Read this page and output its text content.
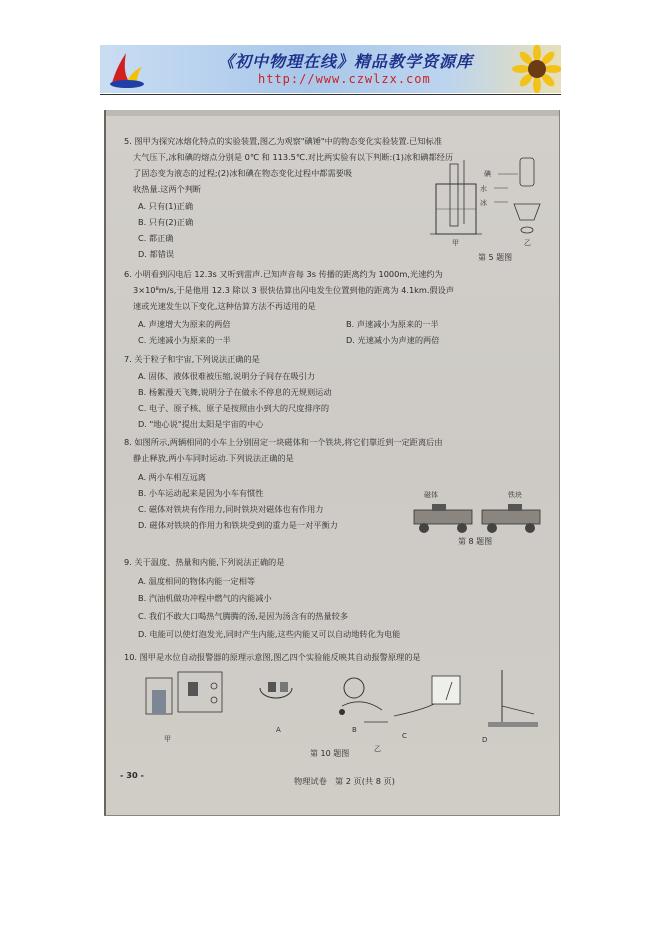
《初中物理在线》精品教学资源库
http://www.czwlzx.com
5. 图甲为探究冰熔化特点的实验装置,图乙为观察"碘锤"中的物态变化实验装置.已知标准
大气压下,冰和碘的熔点分别是 0℃ 和 113.5℃.对比两实验有以下判断:(1)冰和碘都经历
了固态变为液态的过程;(2)冰和碘在物态变化过程中都需要吸
收热量.这两个判断
A. 只有(1)正确
B. 只有(2)正确
C. 都正确
D. 都错误
碘
水
冰
甲	乙
第 5 题图
6. 小明看到闪电后 12.3s 又听到雷声.已知声音每 3s 传播的距离约为 1000m,光速约为
3×10⁸m/s,于是他用 12.3 除以 3 很快估算出闪电发生位置到他的距离为 4.1km.假设声
速或光速发生以下变化,这种估算方法不再适用的是
A. 声速增大为原来的两倍	B. 声速减小为原来的一半
C. 光速减小为原来的一半	D. 光速减小为声速的两倍
7. 关于粒子和宇宙,下列说法正确的是
A. 固体、液体很难被压缩,说明分子间存在吸引力
B. 杨絮漫天飞舞,说明分子在做永不停息的无规则运动
C. 电子、原子核、原子是按照由小到大的尺度排序的
D. "地心说"提出太阳是宇宙的中心
8. 如图所示,两辆相同的小车上分别固定一块磁体和一个铁块,将它们靠近到一定距离后由
静止释放,两小车同时运动.下列说法正确的是
A. 两小车相互远离
B. 小车运动起来是因为小车有惯性
C. 磁体对铁块有作用力,同时铁块对磁体也有作用力
D. 磁体对铁块的作用力和铁块受到的重力是一对平衡力
磁体	铁块
第 8 题图
9. 关于温度、热量和内能,下列说法正确的是
A. 温度相同的物体内能一定相等
B. 汽油机做功冲程中燃气的内能减小
C. 我们不敢大口喝热气腾腾的汤,是因为汤含有的热量较多
D. 电能可以使灯泡发光,同时产生内能,这些内能又可以自动地转化为电能
10. 图甲是水位自动报警器的原理示意图,图乙四个实验能反映其自动报警原理的是
甲
A	B
C	D
乙
第 10 题图
- 30 -
物理试卷　第 2 页(共 8 页)
